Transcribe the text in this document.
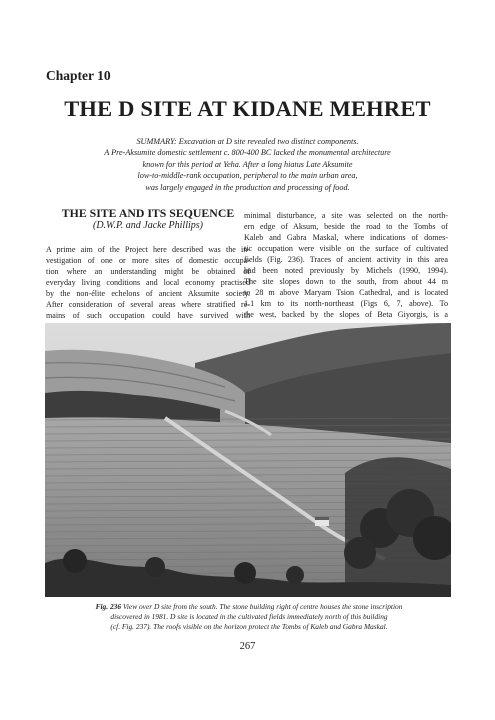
Chapter 10
THE D SITE AT KIDANE MEHRET
SUMMARY: Excavation at D site revealed two distinct components.
A Pre-Aksumite domestic settlement c. 800-400 BC lacked the monumental architecture
known for this period at Yeha. After a long hiatus Late Aksumite
low-to-middle-rank occupation, peripheral to the main urban area,
was largely engaged in the production and processing of food.
THE SITE AND ITS SEQUENCE
(D.W.P. and Jacke Phillips)
A prime aim of the Project here described was the in-
vestigation of one or more sites of domestic occupa-
tion where an understanding might be obtained of
everyday living conditions and local economy practised
by the non-élite echelons of ancient Aksumite society.
After consideration of several areas where stratified re-
mains of such occupation could have survived with
minimal disturbance, a site was selected on the north-
ern edge of Aksum, beside the road to the Tombs of
Kaleb and Gabra Maskal, where indications of domes-
tic occupation were visible on the surface of cultivated
fields (Fig. 236). Traces of ancient activity in this area
had been noted previously by Michels (1990, 1994).
The site slopes down to the south, from about 44 m
to 28 m above Maryam Tsion Cathedral, and is located
1.1 km to its north-northeast (Figs 6, 7, above). To
the west, backed by the slopes of Beta Giyorgis, is a
Fig. 236 View over D site from the south. The stone building right of centre houses the stone inscription
discovered in 1981. D site is located in the cultivated fields immediately north of this building
(cf. Fig. 237). The roofs visible on the horizon protect the Tombs of Kaleb and Gabra Maskal.
267
